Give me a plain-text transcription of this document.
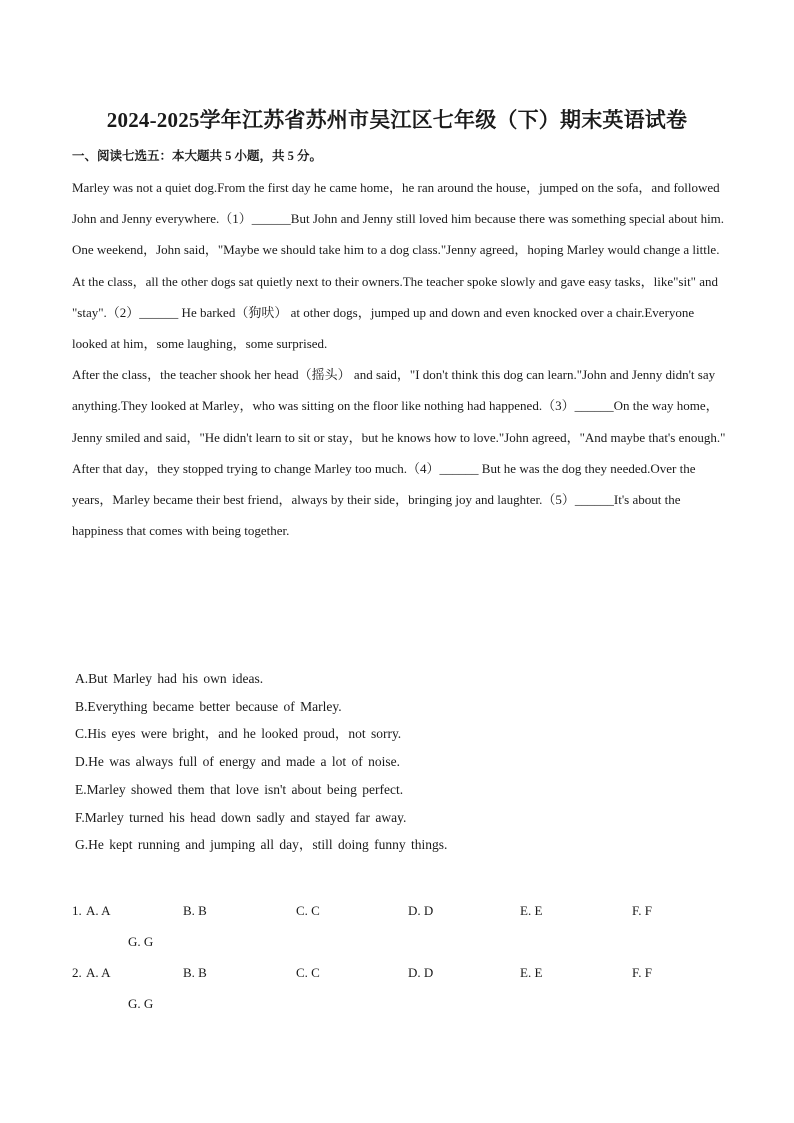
2024-2025学年江苏省苏州市吴江区七年级（下）期末英语试卷
一、阅读七选五：本大题共 5 小题，共 5 分。

Marley was not a quiet dog.From the first day he came home，he ran around the house，jumped on the sofa，and followed John and Jenny everywhere.（1）______But John and Jenny still loved him because there was something special about him.

One weekend，John said，"Maybe we should take him to a dog class."Jenny agreed，hoping Marley would change a little.

At the class，all the other dogs sat quietly next to their owners.The teacher spoke slowly and gave easy tasks，like"sit" and "stay".（2）______ He barked（狗吠） at other dogs，jumped up and down and even knocked over a chair.Everyone looked at him，some laughing，some surprised.

After the class，the teacher shook her head（摇头） and said，"I don't think this dog can learn."John and Jenny didn't say anything.They looked at Marley，who was sitting on the floor like nothing had happened.（3）______On the way home，Jenny smiled and said，"He didn't learn to sit or stay，but he knows how to love."John agreed，"And maybe that's enough."

After that day，they stopped trying to change Marley too much.（4）______ But he was the dog they needed.Over the years，Marley became their best friend，always by their side，bringing joy and laughter.（5）______It's about the happiness that comes with being together.

A.But Marley had his own ideas.
B.Everything became better because of Marley.
C.His eyes were bright，and he looked proud，not sorry.
D.He was always full of energy and made a lot of noise.
E.Marley showed them that love isn't about being perfect.
F.Marley turned his head down sadly and stayed far away.
G.He kept running and jumping all day，still doing funny things.
1. A. A	B. B	C. C	D. D	E. E	F. F
G. G
2. A. A	B. B	C. C	D. D	E. E	F. F
G. G
